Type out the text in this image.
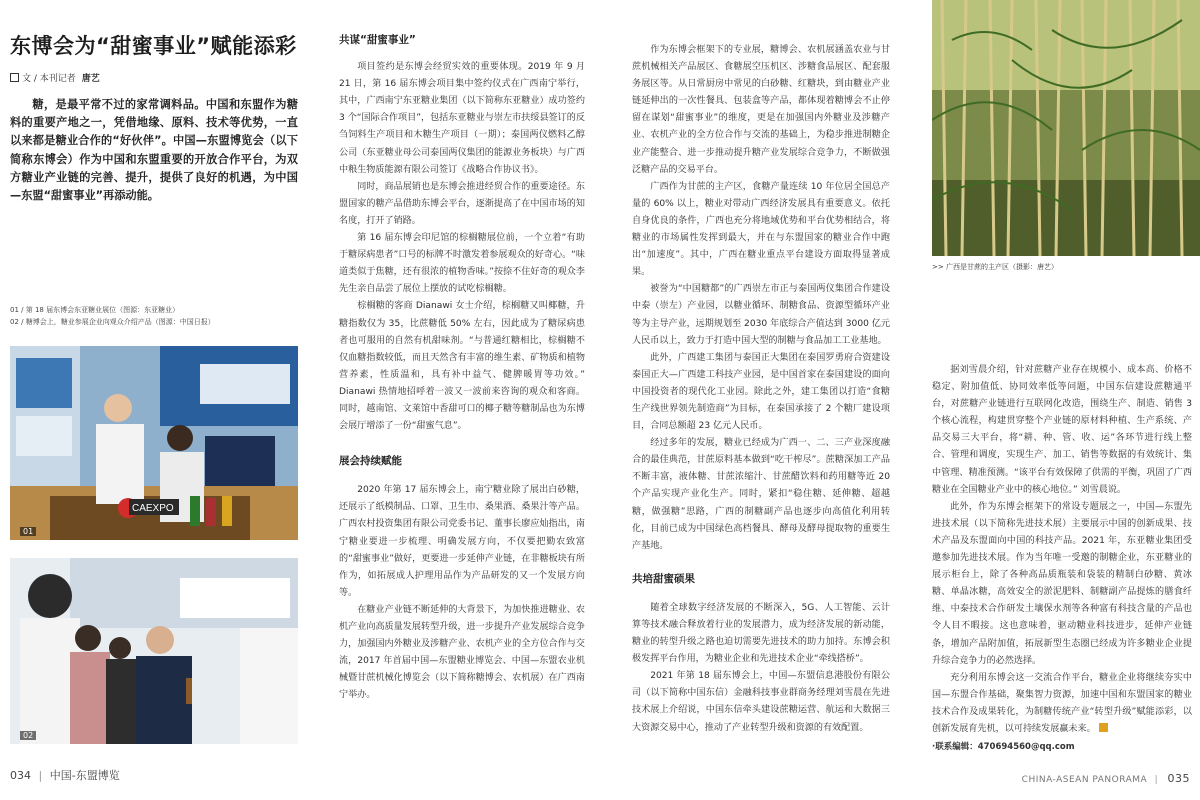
东博会为“甜蜜事业”赋能添彩
文 / 本刊记者 唐艺
糖，是最平常不过的家常调料品。中国和东盟作为糖料的重要产地之一，凭借地缘、原料、技术等优势，一直以来都是糖业合作的“好伙伴”。中国—东盟博览会（以下简称东博会）作为中国和东盟重要的开放合作平台，为双方糖业产业链的完善、提升，提供了良好的机遇，为中国—东盟“甜蜜事业”再添动能。
01 / 第 18 届东博会东亚糖业展位（图源：东亚糖业）
02 / 糖博会上，糖业参展企业向观众介绍产品（图源：中国日报）
CAEXPO
01
02
共谋“甜蜜事业”

项目签约是东博会经贸实效的重要体现。2019 年 9 月 21 日，第 16 届东博会项目集中签约仪式在广西南宁举行，其中，广西南宁东亚糖业集团（以下简称东亚糖业）成功签约 3 个“国际合作项目”，包括东亚糖业与崇左市扶绥县签订的反刍饲料生产项目和木糖生产项目（一期）；泰国两仪燃料乙醇公司（东亚糖业母公司泰国两仪集团的能源业务板块）与广西中粮生物质能源有限公司签订《战略合作协议书》。

同时，商品展销也是东博会推进经贸合作的重要途径。东盟国家的糖产品借助东博会平台，逐渐提高了在中国市场的知名度，打开了销路。

第 16 届东博会印尼馆的棕榈糖展位前，一个立着“有助于糖尿病患者”口号的标牌不时激发着参展观众的好奇心。“味道类似于焦糖，还有很浓的植物香味。”按捺不住好奇的观众李先生亲自品尝了展位上摆放的试吃棕榈糖。

棕榈糖的客商 Dianawi 女士介绍，棕榈糖又叫椰糖，升糖指数仅为 35，比蔗糖低 50% 左右，因此成为了糖尿病患者也可服用的自然有机甜味剂。“与普通红糖相比，棕榈糖不仅血糖指数较低，而且天然含有丰富的维生素、矿物质和植物营养素，性质温和，具有补中益气、健脾暖胃等功效。” Dianawi 热情地招呼着一波又一波前来咨询的观众和客商。同时，越南馆、文莱馆中香甜可口的椰子糖等糖制品也为东博会展厅增添了一份“甜蜜气息”。

展会持续赋能

2020 年第 17 届东博会上，南宁糖业除了展出白砂糖，还展示了纸模制品、口罩、卫生巾、桑果酒、桑果汁等产品。广西农村投资集团有限公司党委书记、董事长廖应灿指出，南宁糖业要进一步梳理、明确发展方向，不仅要把勤农致富的“甜蜜事业”做好，更要进一步延伸产业链，在非糖板块有所作为，如拓展成人护理用品作为产品研发的又一个发展方向等。

在糖业产业链不断延伸的大背景下，为加快推进糖业、农机产业向高质量发展转型升级，进一步提升产业发展综合竞争力，加强国内外糖业及涉糖产业、农机产业的全方位合作与交流，2017 年首届中国—东盟糖业博览会、中国—东盟农业机械暨甘蔗机械化博览会（以下简称糖博会、农机展）在广西南宁举办。

作为东博会框架下的专业展，糖博会、农机展涵盖农业与甘蔗机械相关产品展区、食糖展空压机区、涉糖食品展区、配套服务展区等。从日常厨房中常见的白砂糖、红糖块，到由糖业产业链延伸出的一次性餐具、包装盒等产品，都体现着糖博会不止停留在谋划“甜蜜事业”的维度，更是在加强国内外糖业及涉糖产业、农机产业的全方位合作与交流的基础上，为稳步推进制糖企业产能整合、进一步推动提升糖产业发展综合竞争力，不断做强泛糖产品的交易平台。

广西作为甘蔗的主产区，食糖产量连续 10 年位居全国总产量的 60% 以上，糖业对带动广西经济发展具有重要意义。依托自身优良的条件，广西也充分将地域优势和平台优势相结合，将糖业的市场属性发挥到最大，并在与东盟国家的糖业合作中跑出“加速度”。其中，广西在糖业重点平台建设方面取得显著成果。

被誉为“中国糖都”的广西崇左市正与泰国两仪集团合作建设中泰（崇左）产业园，以糖业循环、制糖食品、资源型循环产业等为主导产业，远期规划至 2030 年底综合产值达到 3000 亿元人民币以上，致力于打造中国大型的制糖与食品加工工业基地。

此外，广西建工集团与泰国正大集团在泰国罗勇府合资建设泰国正大—广西建工科技产业园，是中国首家在泰国建设的面向中国投资者的现代化工业园。除此之外，建工集团以打造“食糖生产线世界领先制造商”为目标，在泰国承接了 2 个糖厂建设项目，合同总额超 23 亿元人民币。

经过多年的发展，糖业已经成为广西一、二、三产业深度融合的最佳典范，甘蔗原料基本做到“吃干榨尽”。蔗糖深加工产品不断丰富，液体糖、甘蔗浓缩汁、甘蔗醋饮料和药用糖等近 20 个产品实现产业化生产。同时，紧扣“稳住糖、延伸糖、超越糖，做强糖”思路，广西的制糖副产品也逐步向高值化利用转化，目前已成为中国绿色高档餐具、酵母及酵母提取物的重要生产基地。

共培甜蜜硕果

随着全球数字经济发展的不断深入，5G、人工智能、云计算等技术融合释放着行业的发展潜力，成为经济发展的新动能，糖业的转型升级之路也迫切需要先进技术的助力加持。东博会积极发挥平台作用，为糖业企业和先进技术企业“牵线搭桥”。

2021 年第 18 届东博会上，中国—东盟信息港股份有限公司（以下简称中国东信）金融科技事业群商务经理刘雪晨在先进技术展上介绍说，中国东信牵头建设蔗糖运营、航运和大数据三大资源交易中心，推动了产业转型升级和资源的有效配置。

>> 广西是甘蔗的主产区（摄影：唐艺）

据刘雪晨介绍，针对蔗糖产业存在规模小、成本高、价格不稳定、附加值低、协同效率低等问题，中国东信建设蔗糖通平台，对蔗糖产业链进行互联网化改造，围绕生产、制造、销售 3 个核心流程，构建贯穿整个产业链的原材料种植、生产系统、产品交易三大平台，将“耕、种、管、收、运”各环节进行线上整合、管理和调度，实现生产、加工、销售等数据的有效统计、集中管理、精准预测。“该平台有效保障了供需的平衡，巩固了广西糖业在全国糖业产业中的核心地位。” 刘雪晨说。

此外，作为东博会框架下的常设专题展之一，中国—东盟先进技术展（以下简称先进技术展）主要展示中国的创新成果、技术产品及东盟面向中国的科技产品。2021 年，东亚糖业集团受邀参加先进技术展。作为当年唯一受邀的制糖企业，东亚糖业的展示柜台上，除了各种高品质瓶装和袋装的精制白砂糖、黄冰糖、单晶冰糖，高效安全的淤泥肥料、制糖副产品提炼的膳食纤维、中泰技术合作研发土壤保水剂等各种富有科技含量的产品也令人目不暇接。这也意味着，驱动糖业科技进步，延伸产业链条，增加产品附加值，拓展新型生态圈已经成为许多糖业企业提升综合竞争力的必然选择。

充分利用东博会这一交流合作平台，糖业企业将继续夯实中国—东盟合作基础，聚集智力资源，加速中国和东盟国家的糖业技术合作及成果转化，为制糖传统产业“转型升级”赋能添彩，以创新发展育先机，以可持续发展赢未来。

·联系编辑：470694560@qq.com
034 | 中国-东盟博览	CHINA-ASEAN PANORAMA | 035
